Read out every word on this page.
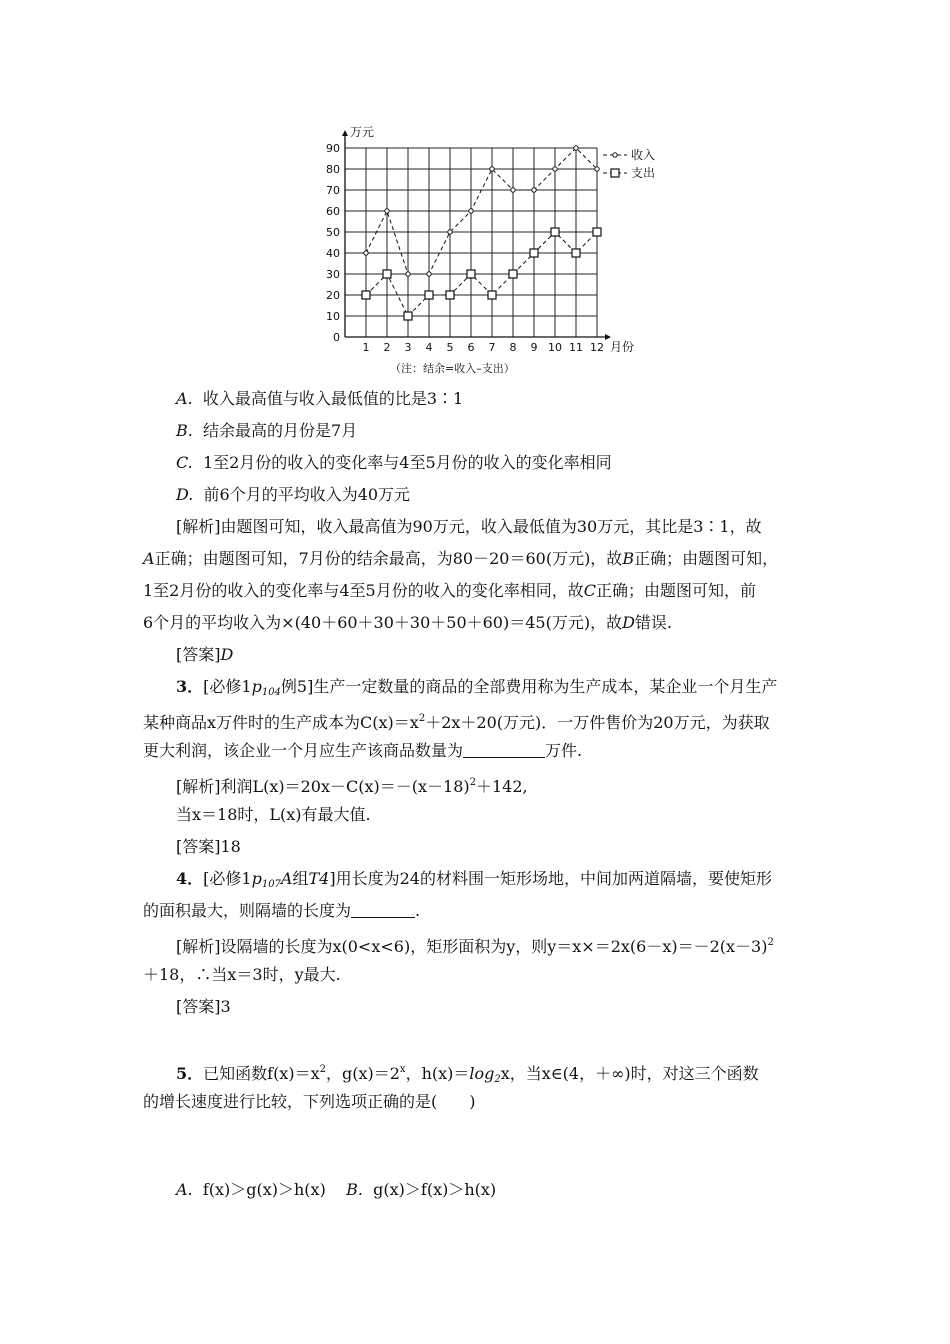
万元
月份
0
10
20
30
40
50
60
70
80
90
1 2 3 4 5 6 7 8 9 10 11 12
收入
支出
（注：结余=收入–支出）
A. 收入最高值与收入最低值的比是3∶1
B. 结余最高的月份是7月
C. 1至2月份的收入的变化率与4至5月份的收入的变化率相同
D. 前6个月的平均收入为40万元
[解析]由题图可知，收入最高值为90万元，收入最低值为30万元，其比是3∶1，故
A正确；由题图可知，7月份的结余最高，为80－20＝60(万元)，故B正确；由题图可知，
1至2月份的收入的变化率与4至5月份的收入的变化率相同，故C正确；由题图可知，前
6个月的平均收入为×(40＋60＋30＋30＋50＋60)＝45(万元)，故D错误.
[答案]D
3．[必修$1p_{104}$例5]生产一定数量的商品的全部费用称为生产成本，某企业一个月生产
某种商品x万件时的生产成本为$C(x)=x^2+2x+20$(万元)．一万件售价为20万元，为获取
更大利润，该企业一个月应生产该商品数量为	万件.
[解析]利润$L(x)=20x-C(x)=-(x-18)^2+142$,
当x＝18时，L(x)有最大值.
[答案]18
4．[必修$1p_{107}A$组T4]用长度为24的材料围一矩形场地，中间加两道隔墙，要使矩形
的面积最大，则隔墙的长度为	.
[解析]设隔墙的长度为x(0<x<6)，矩形面积为y，则$y=x\times=2x(6-x)=-2(x-3)^2$
＋18，∴当x＝3时，y最大.
[答案]3
5．已知函数$f(x)=x^2$，$g(x)=2^x$，$h(x)=\log_2x$，当x∈(4，＋∞)时，对这三个函数
的增长速度进行比较，下列选项正确的是(　　)
A. f(x)＞g(x)＞h(x) B. g(x)＞f(x)＞h(x)
